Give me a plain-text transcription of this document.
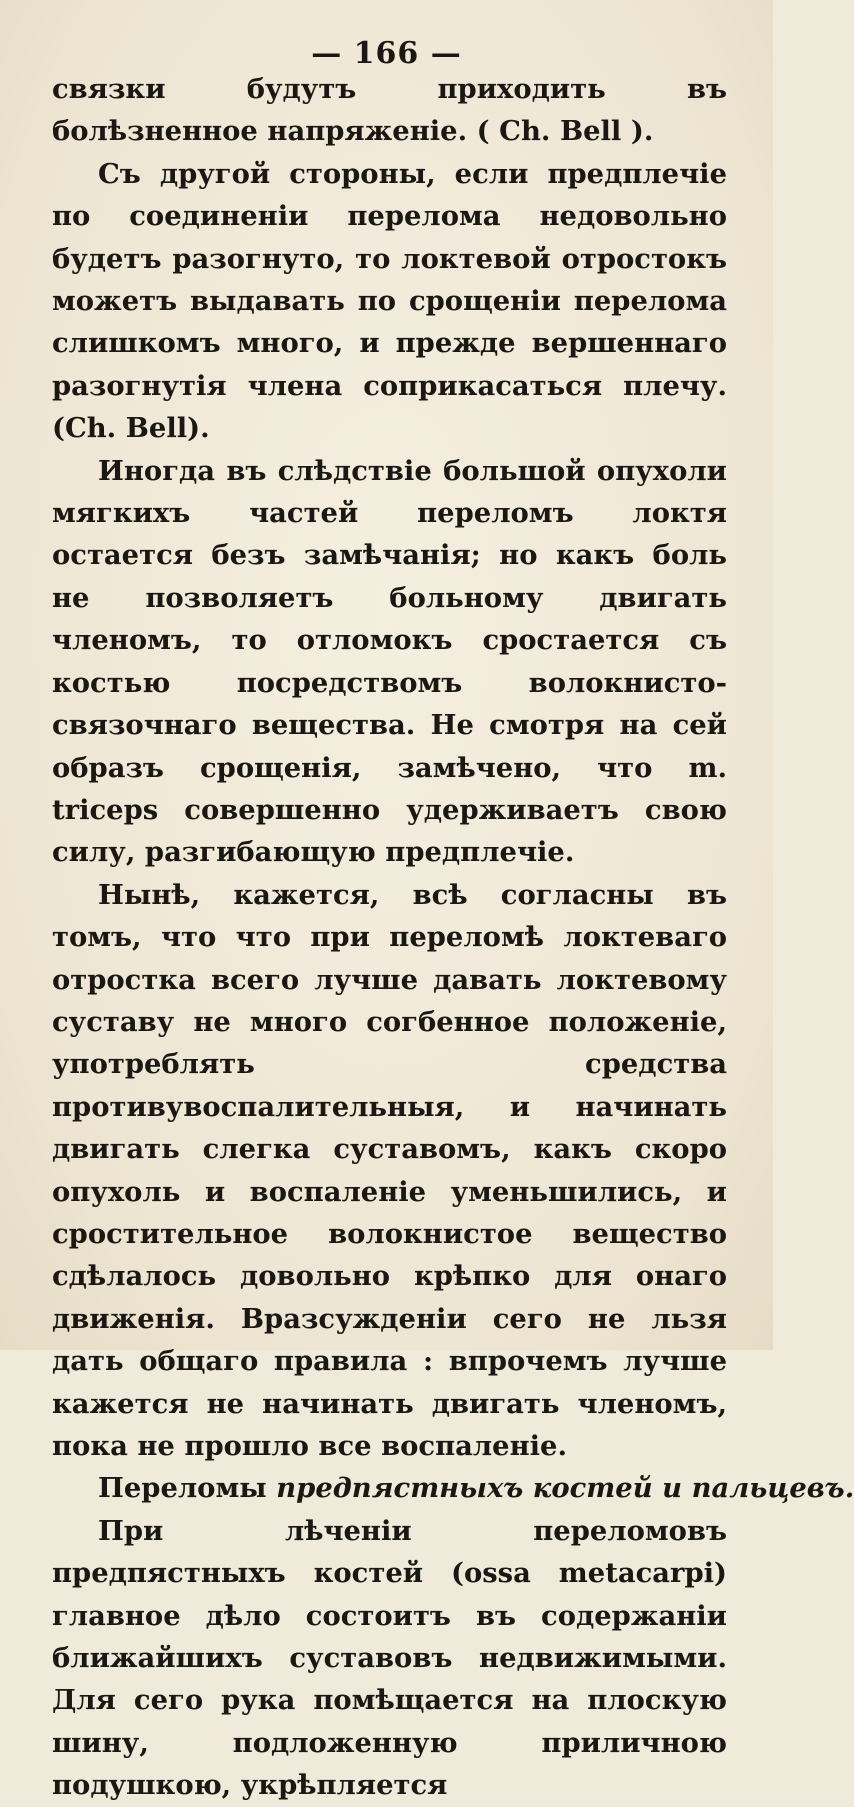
— 166 —

связки будутъ приходить въ болѣзненное напряженіе. ( Ch. Bell ).

Съ другой стороны, если предплечіе по соединеніи перелома недовольно будетъ разогнуто, то локтевой отростокъ можетъ выдавать по срощеніи перелома слишкомъ много, и прежде вершеннаго разогнутія члена соприкасаться плечу. (Ch. Bell).

Иногда въ слѣдствіе большой опухоли мягкихъ частей переломъ локтя остается безъ замѣчанія; но какъ боль не позволяетъ больному двигать членомъ, то отломокъ сростается съ костью посредствомъ волокнисто-связочнаго вещества. Не смотря на сей образъ срощенія, замѣчено, что m. triceps совершенно удерживаетъ свою силу, разгибающую предплечіе.

Нынѣ, кажется, всѣ согласны въ томъ, что что при переломѣ локтеваго отростка всего лучше давать локтевому суставу не много согбенное положеніе, употреблять средства противувоспалительныя, и начинать двигать слегка суставомъ, какъ скоро опухоль и воспаленіе уменьшились, и сростительное волокнистое вещество сдѣлалось довольно крѣпко для онаго движенія. Вразсужденіи сего не льзя дать общаго правила : впрочемъ лучше кажется не начинать двигать членомъ, пока не прошло все воспаленіе.

Переломы предпястныхъ костей и пальцевъ.

При лѣченіи переломовъ предпястныхъ костей (ossa metacarpi) главное дѣло состоитъ въ содержаніи ближайшихъ суставовъ недвижимыми. Для сего рука помѣщается на плоскую шину, подложенную приличною подушкою, укрѣпляется
